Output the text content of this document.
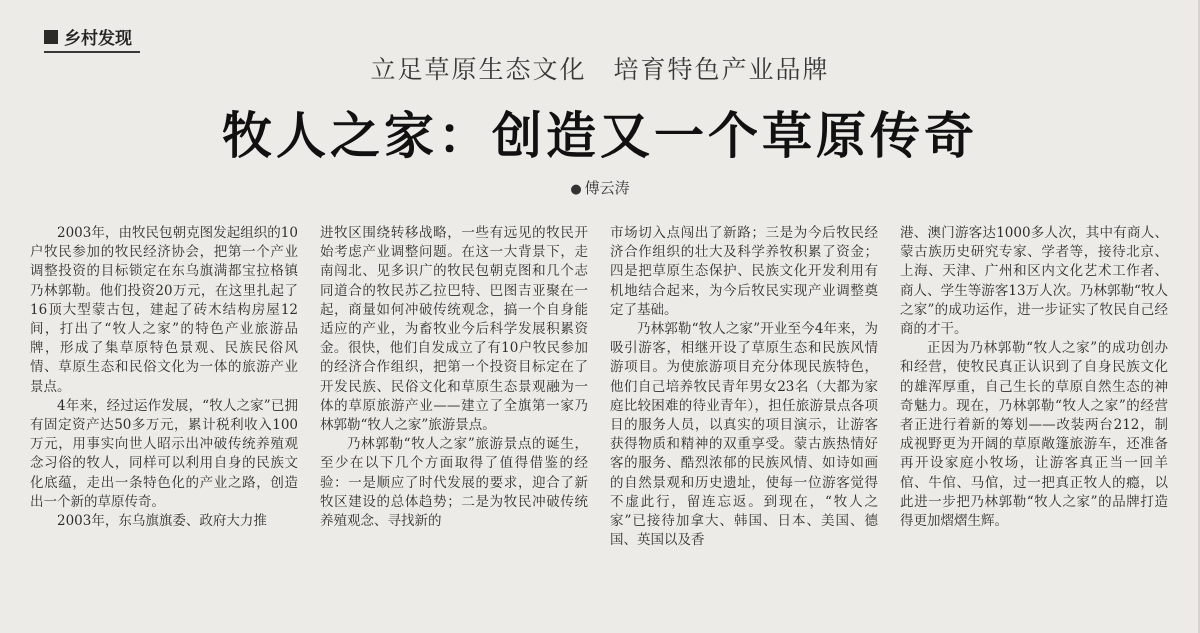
乡村发现
立足草原生态文化　培育特色产业品牌
牧人之家：创造又一个草原传奇
● 傅云涛

2003年，由牧民包朝克图发起组织的10户牧民参加的牧民经济协会，把第一个产业调整投资的目标锁定在东乌旗满都宝拉格镇乃林郭勒。他们投资20万元，在这里扎起了16顶大型蒙古包，建起了砖木结构房屋12间，打出了“牧人之家”的特色产业旅游品牌，形成了集草原特色景观、民族民俗风情、草原生态和民俗文化为一体的旅游产业景点。

4年来，经过运作发展，“牧人之家”已拥有固定资产达50多万元，累计税利收入100万元，用事实向世人昭示出冲破传统养殖观念习俗的牧人，同样可以利用自身的民族文化底蕴，走出一条特色化的产业之路，创造出一个新的草原传奇。

2003年，东乌旗旗委、政府大力推

进牧区围绕转移战略，一些有远见的牧民开始考虑产业调整问题。在这一大背景下，走南闯北、见多识广的牧民包朝克图和几个志同道合的牧民苏乙拉巴特、巴图吉亚聚在一起，商量如何冲破传统观念，搞一个自身能适应的产业，为畜牧业今后科学发展积累资金。很快，他们自发成立了有10户牧民参加的经济合作组织，把第一个投资目标定在了开发民族、民俗文化和草原生态景观融为一体的草原旅游产业——建立了全旗第一家乃林郭勒“牧人之家”旅游景点。

乃林郭勒“牧人之家”旅游景点的诞生，至少在以下几个方面取得了值得借鉴的经验：一是顺应了时代发展的要求，迎合了新牧区建设的总体趋势；二是为牧民冲破传统养殖观念、寻找新的

市场切入点闯出了新路；三是为今后牧民经济合作组织的壮大及科学养牧积累了资金；四是把草原生态保护、民族文化开发利用有机地结合起来，为今后牧民实现产业调整奠定了基础。

乃林郭勒“牧人之家”开业至今4年来，为吸引游客，相继开设了草原生态和民族风情游项目。为使旅游项目充分体现民族特色，他们自己培养牧民青年男女23名（大都为家庭比较困难的待业青年），担任旅游景点各项目的服务人员，以真实的项目演示，让游客获得物质和精神的双重享受。蒙古族热情好客的服务、酷烈浓郁的民族风情、如诗如画的自然景观和历史遗址，使每一位游客觉得不虚此行，留连忘返。到现在，“牧人之家”已接待加拿大、韩国、日本、美国、德国、英国以及香

港、澳门游客达1000多人次，其中有商人、蒙古族历史研究专家、学者等，接待北京、上海、天津、广州和区内文化艺术工作者、商人、学生等游客13万人次。乃林郭勒“牧人之家”的成功运作，进一步证实了牧民自己经商的才干。

正因为乃林郭勒“牧人之家”的成功创办和经营，使牧民真正认识到了自身民族文化的雄浑厚重，自己生长的草原自然生态的神奇魅力。现在，乃林郭勒“牧人之家”的经营者正进行着新的筹划——改装两台212，制成视野更为开阔的草原敞篷旅游车，还准备再开设家庭小牧场，让游客真正当一回羊倌、牛倌、马倌，过一把真正牧人的瘾，以此进一步把乃林郭勒“牧人之家”的品牌打造得更加熠熠生辉。
